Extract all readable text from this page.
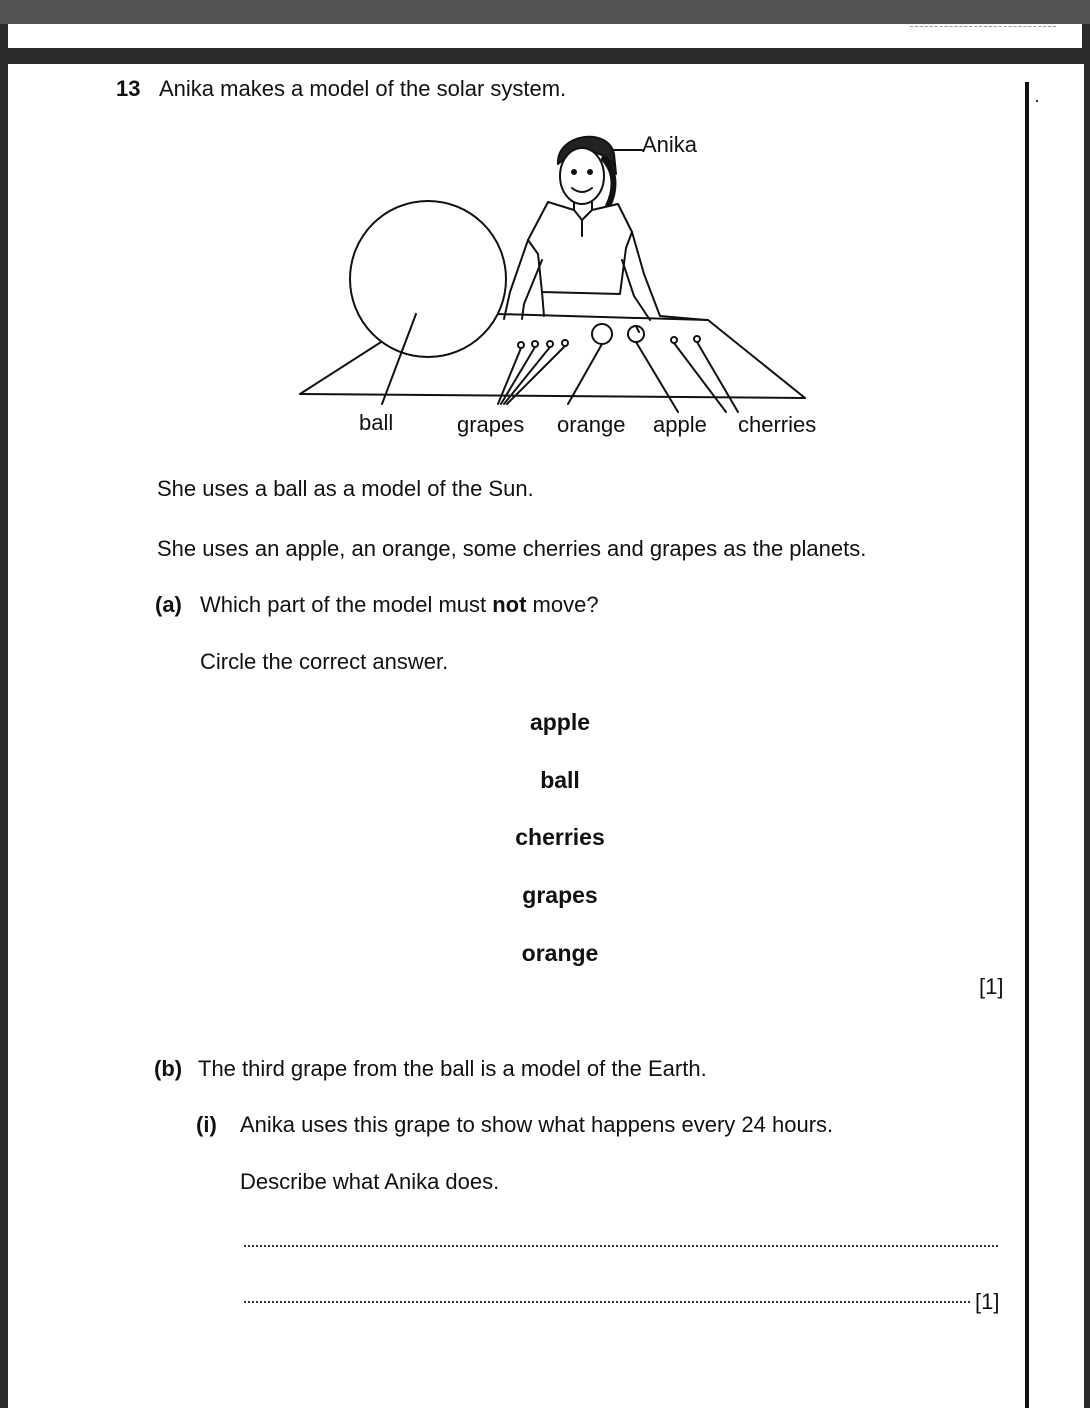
13 Anika makes a model of the solar system.
Anika
ball	grapes orange apple cherries
She uses a ball as a model of the Sun.
She uses an apple, an orange, some cherries and grapes as the planets.
(a) Which part of the model must not move?
Circle the correct answer.
apple
ball
cherries
grapes
orange
[1]
(b) The third grape from the ball is a model of the Earth.
(i) Anika uses this grape to show what happens every 24 hours.
Describe what Anika does.
[1]
